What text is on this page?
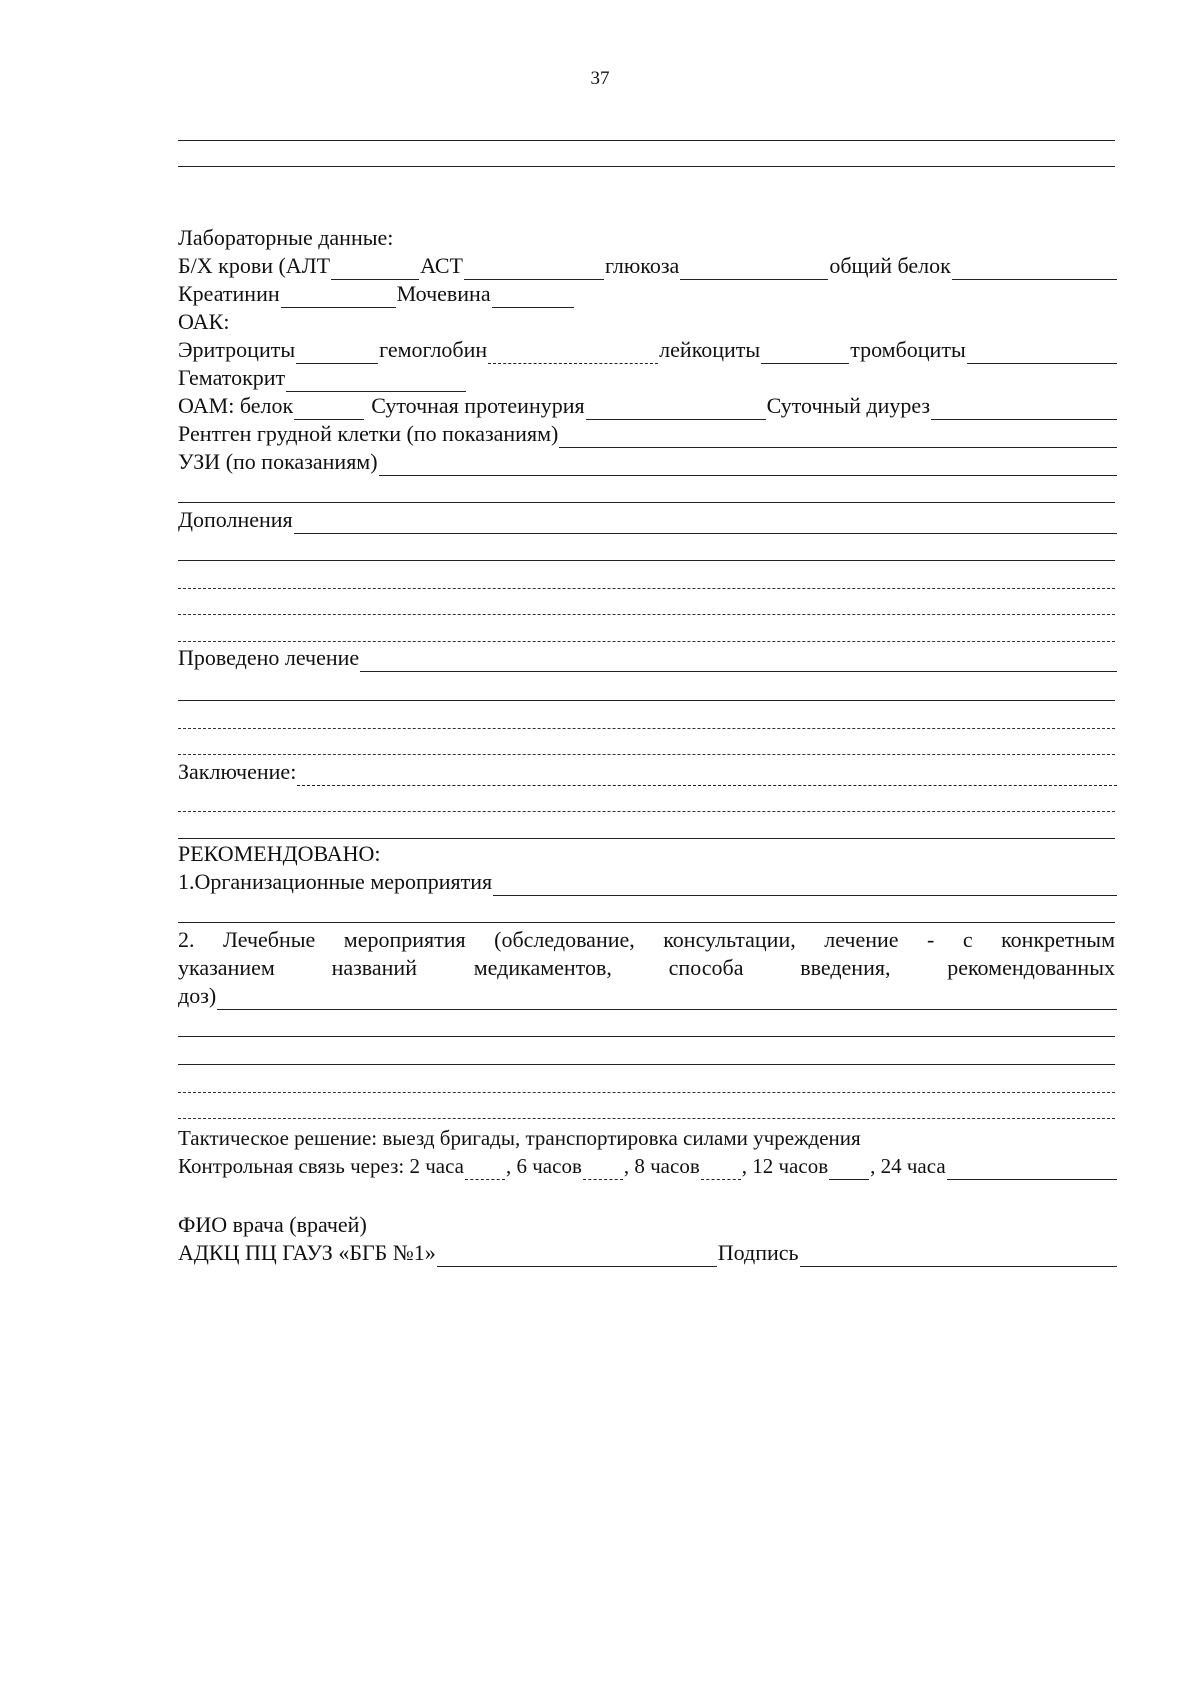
37
Лабораторные данные:
Б/Х крови (АЛТ	АСТ	глюкоза	общий белок
Креатинин	Мочевина
ОАК:
Эритроциты	гемоглобин	лейкоциты	тромбоциты
Гематокрит
ОАМ: белок	Суточная протеинурия	Суточный диурез
Рентген грудной клетки (по показаниям)
УЗИ (по показаниям)
Дополнения
Проведено лечение
Заключение:
РЕКОМЕНДОВАНО:
1.Организационные мероприятия
2. Лечебные мероприятия (обследование, консультации, лечение - с конкретным
указанием названий медикаментов, способа введения, рекомендованных
доз)
Тактическое решение: выезд бригады, транспортировка силами учреждения
Контрольная связь через: 2 часа , 6 часов , 8 часов , 12 часов , 24 часа
ФИО врача (врачей)
АДКЦ ПЦ ГАУЗ «БГБ №1»	Подпись
